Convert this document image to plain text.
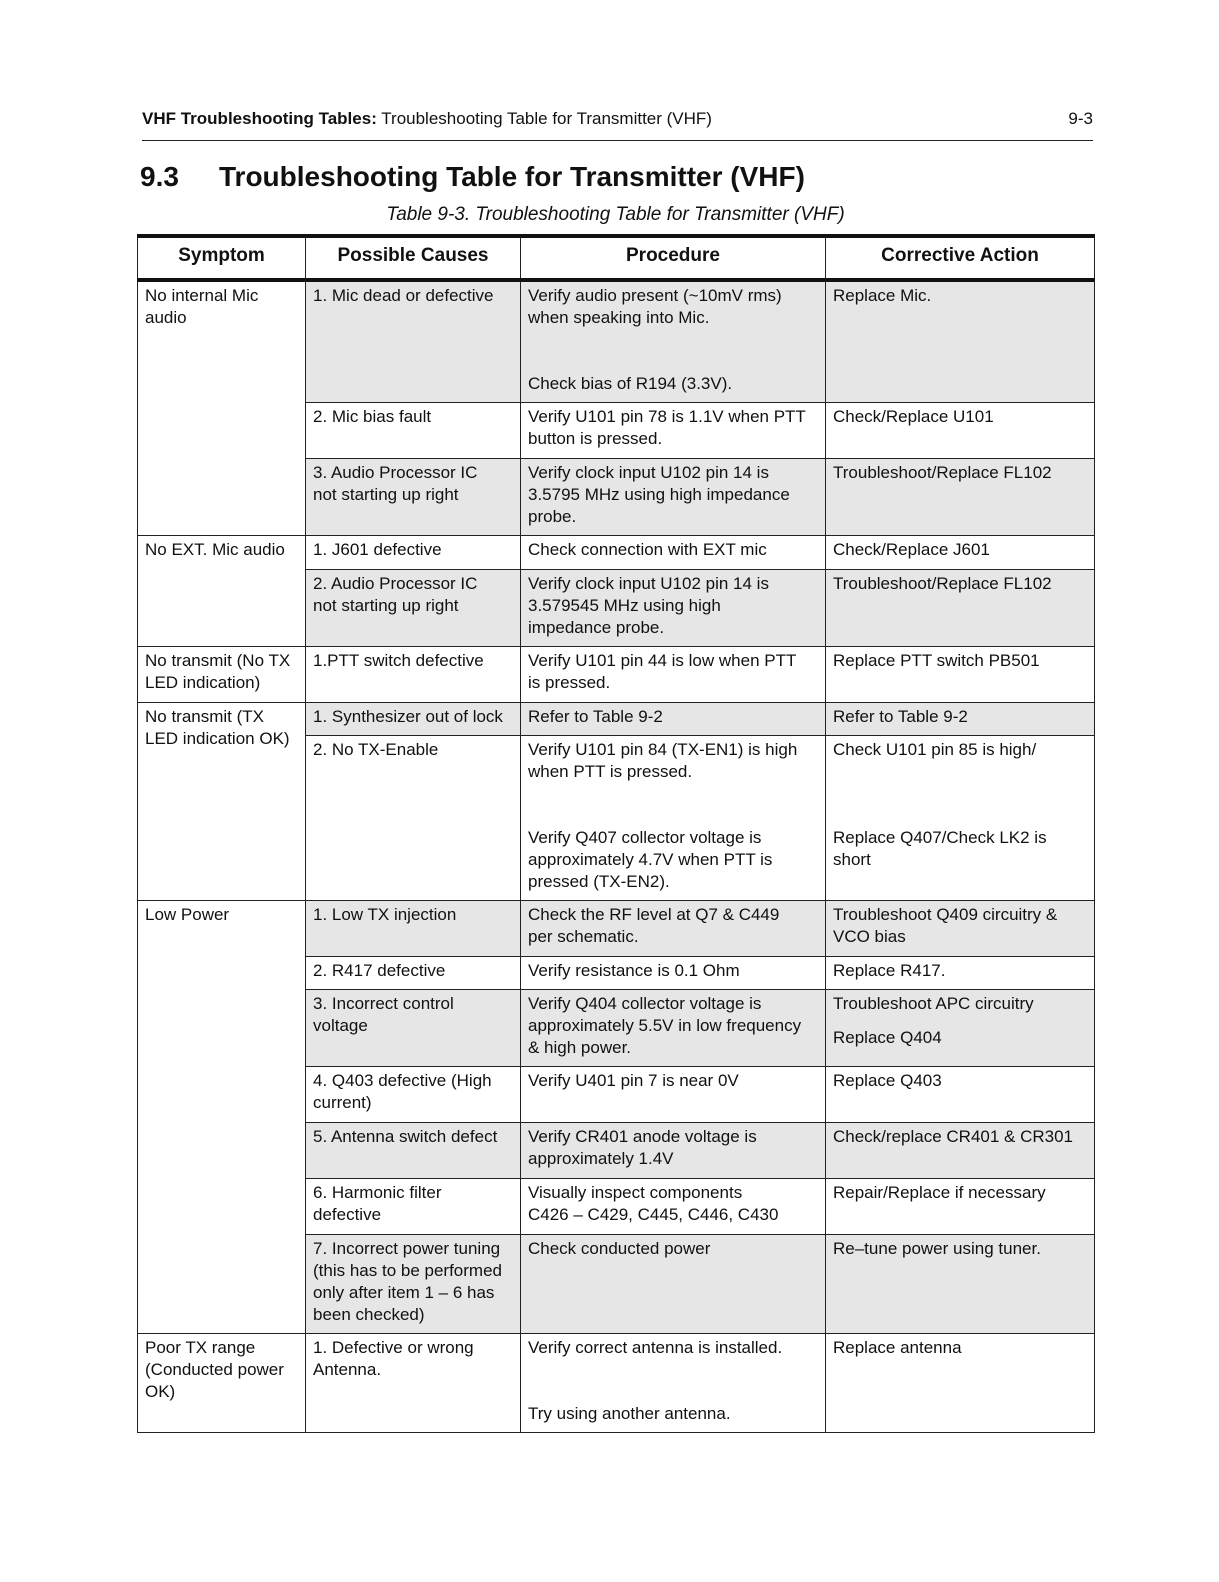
VHF Troubleshooting Tables: Troubleshooting Table for Transmitter (VHF)	9-3
9.3 Troubleshooting Table for Transmitter (VHF)
Table 9-3. Troubleshooting Table for Transmitter (VHF)
Symptom	Possible Causes	Procedure	Corrective Action

No internal Mic
audio	1. Mic dead or defective	Verify audio present (~10mV rms)
when speaking into Mic.
Check bias of R194 (3.3V).	Replace Mic.

	2. Mic bias fault	Verify U101 pin 78 is 1.1V when PTT
button is pressed.	Check/Replace U101

	3. Audio Processor IC
not starting up right	Verify clock input U102 pin 14 is
3.5795 MHz using high impedance
probe.	Troubleshoot/Replace FL102

No EXT. Mic audio	1. J601 defective	Check connection with EXT mic	Check/Replace J601

	2. Audio Processor IC
not starting up right	Verify clock input U102 pin 14 is
3.579545 MHz using high
impedance probe.	Troubleshoot/Replace FL102

No transmit (No TX
LED indication)	1.PTT switch defective	Verify U101 pin 44 is low when PTT
is pressed.	Replace PTT switch PB501

No transmit (TX
LED indication OK)	1. Synthesizer out of lock	Refer to Table 9-2	Refer to Table 9-2

	2. No TX-Enable	Verify U101 pin 84 (TX-EN1) is high
when PTT is pressed.
Verify Q407 collector voltage is
approximately 4.7V when PTT is
pressed (TX-EN2).	Check U101 pin 85 is high/
Replace Q407/Check LK2 is
short

Low Power	1. Low TX injection	Check the RF level at Q7 & C449
per schematic.	Troubleshoot Q409 circuitry &
VCO bias

	2. R417 defective	Verify resistance is 0.1 Ohm	Replace R417.

	3. Incorrect control
voltage	Verify Q404 collector voltage is
approximately 5.5V in low frequency
& high power.	Troubleshoot APC circuitry
Replace Q404

	4. Q403 defective (High
current)	Verify U401 pin 7 is near 0V	Replace Q403

	5. Antenna switch defect	Verify CR401 anode voltage is
approximately 1.4V	Check/replace CR401 & CR301

	6. Harmonic filter
defective	Visually inspect components
C426 – C429, C445, C446, C430	Repair/Replace if necessary

	7. Incorrect power tuning
(this has to be performed
only after item 1 – 6 has
been checked)	Check conducted power	Re–tune power using tuner.

Poor TX range
(Conducted power
OK)	1. Defective or wrong
Antenna.	Verify correct antenna is installed.
Try using another antenna.	Replace antenna
